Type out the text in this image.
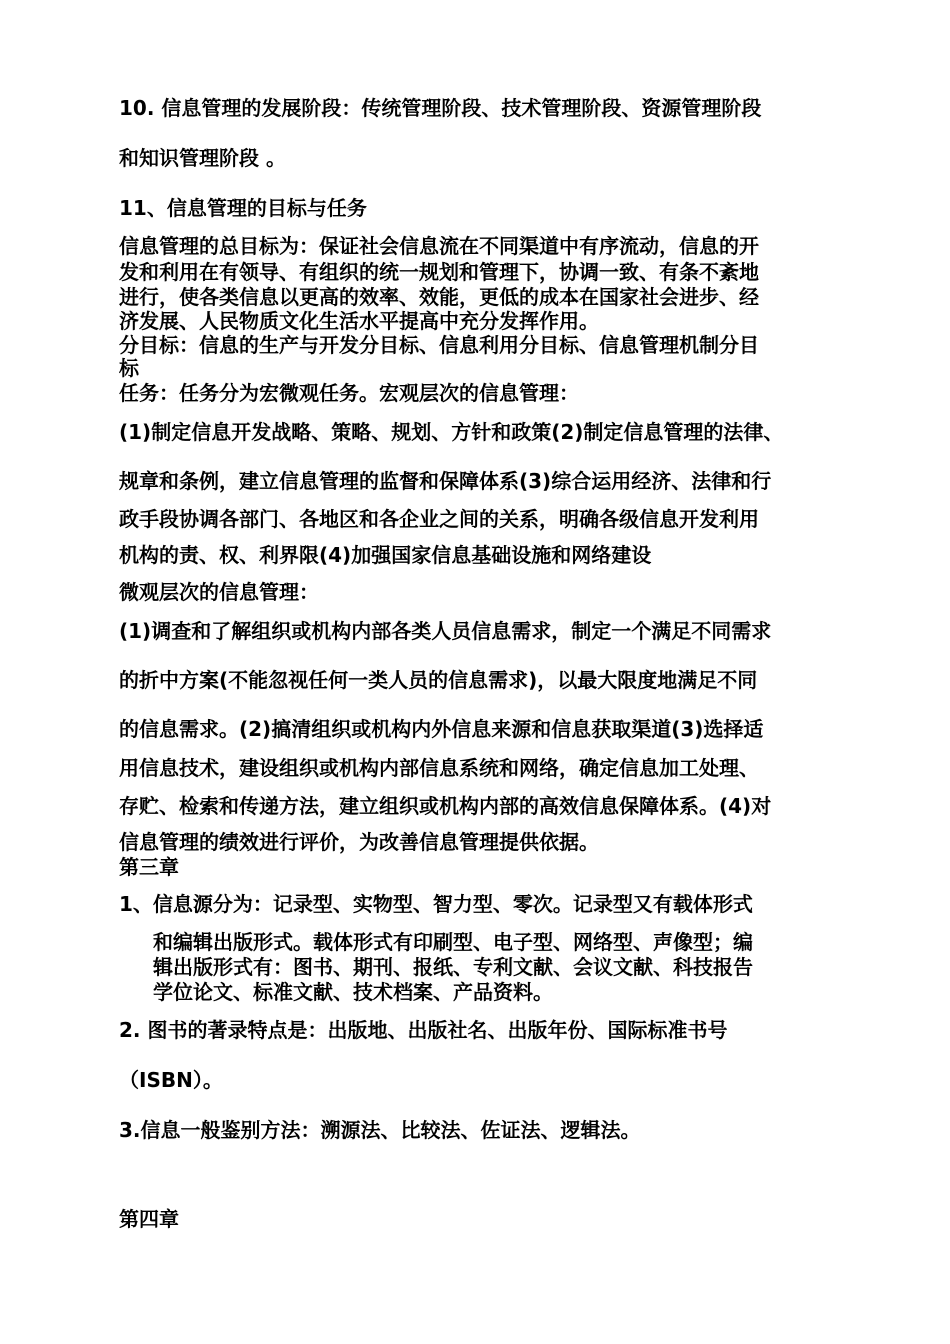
10. 信息管理的发展阶段：传统管理阶段、技术管理阶段、资源管理阶段

和知识管理阶段 。

11、信息管理的目标与任务

信息管理的总目标为：保证社会信息流在不同渠道中有序流动，信息的开

发和利用在有领导、有组织的统一规划和管理下，协调一致、有条不紊地

进行，使各类信息以更高的效率、效能，更低的成本在国家社会进步、经

济发展、人民物质文化生活水平提高中充分发挥作用。

分目标：信息的生产与开发分目标、信息利用分目标、信息管理机制分目

标

任务：任务分为宏微观任务。宏观层次的信息管理：

(1)制定信息开发战略、策略、规划、方针和政策(2)制定信息管理的法律、

规章和条例，建立信息管理的监督和保障体系(3)综合运用经济、法律和行

政手段协调各部门、各地区和各企业之间的关系，明确各级信息开发利用

机构的责、权、利界限(4)加强国家信息基础设施和网络建设

微观层次的信息管理：

(1)调查和了解组织或机构内部各类人员信息需求，制定一个满足不同需求

的折中方案(不能忽视任何一类人员的信息需求)，以最大限度地满足不同

的信息需求。(2)搞清组织或机构内外信息来源和信息获取渠道(3)选择适

用信息技术，建设组织或机构内部信息系统和网络，确定信息加工处理、

存贮、检索和传递方法，建立组织或机构内部的高效信息保障体系。(4)对

信息管理的绩效进行评价，为改善信息管理提供依据。

第三章

1、信息源分为：记录型、实物型、智力型、零次。记录型又有载体形式

和编辑出版形式。载体形式有印刷型、电子型、网络型、声像型；编

辑出版形式有：图书、期刊、报纸、专利文献、会议文献、科技报告

学位论文、标准文献、技术档案、产品资料。

2. 图书的著录特点是：出版地、出版社名、出版年份、国际标准书号

（ISBN）。

3.信息一般鉴别方法：溯源法、比较法、佐证法、逻辑法。

第四章
